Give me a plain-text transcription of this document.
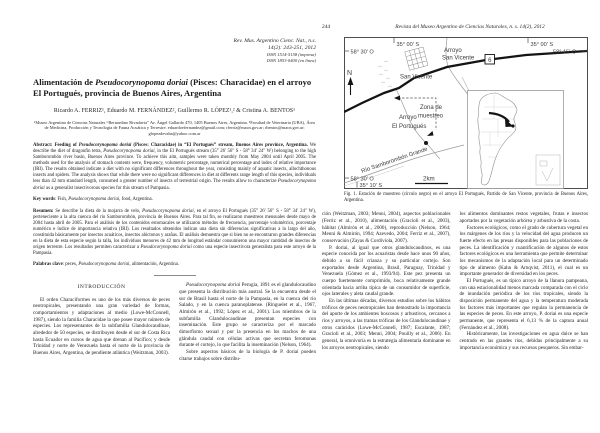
Rev. Mus. Argentino Cienc. Nat., n.s.
14(2): 243-251, 2012
ISSN 1514-5158 (impresa)
ISSN 1853-0400 (en línea)
Alimentación de Pseudocorynopoma doriai (Pisces: Characidae) en el arroyo El Portugués, provincia de Buenos Aires, Argentina
Ricardo A. FERRIZ¹, Eduardo M. FERNÁNDEZ², Guillermo R. LÓPEZ¹,² & Cristina A. BENTOS¹
¹Museo Argentino de Ciencias Naturales “Bernardino Rivadavia” Av. Ángel Gallardo 470, 1405 Buenos Aires, Argentina. ²Facultad de Veterinaria (UBA), Área de Medicina, Producción y Tecnología de Fauna Acuática y Terrestre. eduardoefernandez@gmail.com; rferriz@macn.gov.ar; rbentos@macn.gov.ar; glopezdevaba@yahoo.com.ar

Abstract: Feeding of Pseudocorynopoma doriai (Pisces: Characidae) in “El Portugués” stream, Buenos Aires province, Argentina. We describe the diet of dragonfin tetra, Pseudocorynopoma doriai, in the El Portugués stream (35° 26′ 56″ S - 58° 34′ 24″ W) belonging to the high Samborombón river basin, Buenos Aires province. To achieve this aim, samples were taken monthly from May 2004 until April 2005. The methods used for the analysis of stomach contents were, frequency, volumetric percentage, numerical percentage and index of relative importance (IRI). The results obtained indicate a diet with no significant differences throughout the year, consisting mainly of aquatic insects, allochthonous insects and spiders. The analysis shows that while there were no significant differences in diet at differents range length of this species, individuals less than 42 mm standard length, consumed a greater number of insects of terrestrial origin. The results allow to characterize Pseudocorynopoma doriai as a generalist insectivorous species for this stream of Pampasia.

Key words: Fish, Pseudocorynopoma doriai, food, Argentina.

Resumen: Se describe la dieta de la mojarra de velo, Pseudocorynopoma doriai, en el arroyo El Portugués (35° 26′ 56″ S - 58° 34′ 24″ W), perteneciente a la alta cuenca del río Samborombón, provincia de Buenos Aires. Para tal fin, se realizaron muestreos mensuales desde mayo de 2004 hasta abril de 2005. Para el análisis de los contenidos estomacales se utilizaron métodos de frecuencia, porcentaje volumétrico, porcentaje numérico e índice de importancia relativa (IRI). Los resultados obtenidos indican una dieta sin diferencias significativas a lo largo del año, constituida básicamente por insectos acuáticos, insectos alóctonos y arañas. El análisis demuestra que si bien no se encontraron grandes diferencias en la dieta de esta especie según la talla, los individuos menores de 42 mm de longitud estándar consumieron una mayor cantidad de insectos de origen terrestre. Los resultados permiten caracterizar a Pseudocorynopoma doriai como una especie insectívora generalista para este arroyo de la Pampasia.

Palabras clave: peces, Pseudocorynopoma doriai, alimentación, Argentina.

INTRODUCCIÓN

El orden Characiformes es uno de los más diversos de peces neotropicales, presentando una gran variedad de formas, comportamientos y adaptaciones al medio (Lowe-McConnell, 1987), siendo la familia Characidae la que posee mayor número de especies. Los representantes de la subfamilia Glandulocaudinae, alrededor de 50 especies, se distribuyen desde el sur de Costa Rica hasta Ecuador en cursos de agua que drenan al Pacífico; y desde Trinidad y norte de Venezuela hasta el norte de la provincia de Buenos Aires, Argentina, de pendiente atlántica (Weitzman, 2003).

Pseudocorynopoma doriai Perugia, 1891 es el glandulocaudino que presenta la distribución más austral. Se la encuentra desde el sur de Brasil hasta el norte de la Pampasia, en la cuenca del río Salado, y en la cuenca paranoplatense. (Ringuelet et al., 1967, Almirón et al., 1992; López et al., 2001). Los miembros de la subfamilia Glandulocaudinae presentan especies con inseminación. Este grupo se caracteriza por el marcado dimorfismo sexual y por la presencia en los machos de una glándula caudal con células activas que secretan feromonas durante el cortejo, lo que facilita la inseminación (Nelson, 1964).

Sobre aspectos básicos de la biología de P. doriai pueden citarse trabajos sobre distribu-

244	Revista del Museo Argentino de Ciencias Naturales, n. s. 14(2), 2012
6
35° 00′ S	35° 00′ S
58° 30′ O	58° 15′ O
N
Arroyo
San Vicente
San Vicente
Arroyo
El Portugués
Río Samborombón Grande
Zona de
muestreo
58° 30′ O
35° 10′ S
2km
Fig. 1. Estación de muestreo (círculo negro) en el arroyo El Portugués, Partido de San Vicente, provincia de Buenos Aires, Argentina.

ción (Weitzman, 2003; Menni, 2004), aspectos poblacionales (Ferriz et al., 2010), alimentación (Gracioli et al., 2003), hábitat (Almirón et al., 2000), reproducción (Nelson, 1964; Menni & Almirón, 1994; Azevedo, 2004; Ferriz et al., 2007), conservación (Zayas & Cordiviola, 2007).

P. doriai, al igual que otros glandulocaudinos, es una especie conocida por los acuaristas desde hace unos 90 años, debido a su fácil crianza y su particular cortejo. Son exportados desde Argentina, Brasil, Paraguay, Trinidad y Venezuela (Gómez et al., 1993/94). Este pez presenta un cuerpo fuertemente comprimido, boca relativamente grande orientada hacia arriba típica de un consumidor de superficie, ojos laterales y aleta caudal grande.

En las últimas décadas, diversos estudios sobre los hábitos tróficos de peces neotropicales han demostrado la importancia del aporte de los ambientes boscosos y arbustivos, cercanos a ríos y arroyos, a las tramas tróficas de los Glandulocaudinae y otros carácidos (Lowe-McConnell, 1987; Escalante, 1987; Gracioli et al., 2003; Menni, 2004; Pouilly et al., 2006). En general, la omnivoría es la estrategia alimentaria dominante en los arroyos neotropicales, siendo

los alimentos dominantes restos vegetales, frutas e insectos aportados por la vegetación arbórea y arbustiva de la costa.

Factores ecológicos, como el grado de cobertura vegetal en los márgenes de los ríos y la velocidad del agua producen un fuerte efecto en las presas disponibles para las poblaciones de peces. La identificación y cuantificación de algunos de estos factores ecológicos es una herramienta que permite determinar los mecanismos de la adaptación local para un determinado tipo de alimento (Kahn & Arnqvist, 2011), el cual es un importante generador de diversidad en los peces.

El Portugués, es un típico arroyo de la llanura pampeana, con una estacionalidad menos marcada comparada con el ciclo de inundación periódica de los ríos tropicales, siendo la disposición permanente del agua y la temperatura moderada los factores más importantes que regulan la permanencia de las especies de peces. En este arroyo, P. doriai es una especie permanente, que representa el 6,13 % de la captura anual (Fernández et al., 2008).

Históricamente, las investigaciones en agua dulce se han centrado en las grandes ríos, debidas principalmente a su importancia económica y sus recursos pesqueros. Sin embar-
